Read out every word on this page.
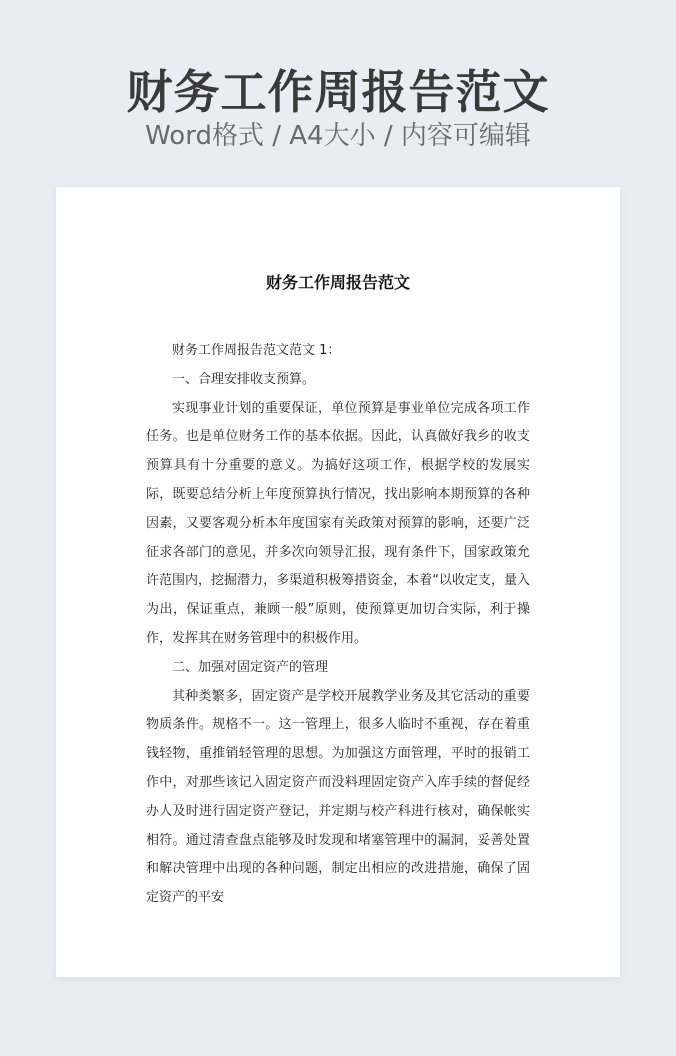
财务工作周报告范文
Word格式 / A4大小 / 内容可编辑
财务工作周报告范文

财务工作周报告范文范文 1：

一、合理安排收支预算。

实现事业计划的重要保证，单位预算是事业单位完成各项工作任务。也是单位财务工作的基本依据。因此，认真做好我乡的收支预算具有十分重要的意义。为搞好这项工作，根据学校的发展实际，既要总结分析上年度预算执行情况，找出影响本期预算的各种因素，又要客观分析本年度国家有关政策对预算的影响，还要广泛征求各部门的意见，并多次向领导汇报，现有条件下，国家政策允许范围内，挖掘潜力，多渠道积极筹措资金，本着“以收定支，量入为出，保证重点，兼顾一般”原则，使预算更加切合实际，利于操作，发挥其在财务管理中的积极作用。

二、加强对固定资产的管理

其种类繁多，固定资产是学校开展教学业务及其它活动的重要物质条件。规格不一。这一管理上，很多人临时不重视，存在着重钱轻物，重推销轻管理的思想。为加强这方面管理，平时的报销工作中，对那些该记入固定资产而没料理固定资产入库手续的督促经办人及时进行固定资产登记，并定期与校产科进行核对，确保帐实相符。通过清查盘点能够及时发现和堵塞管理中的漏洞，妥善处置和解决管理中出现的各种问题，制定出相应的改进措施，确保了固定资产的平安
